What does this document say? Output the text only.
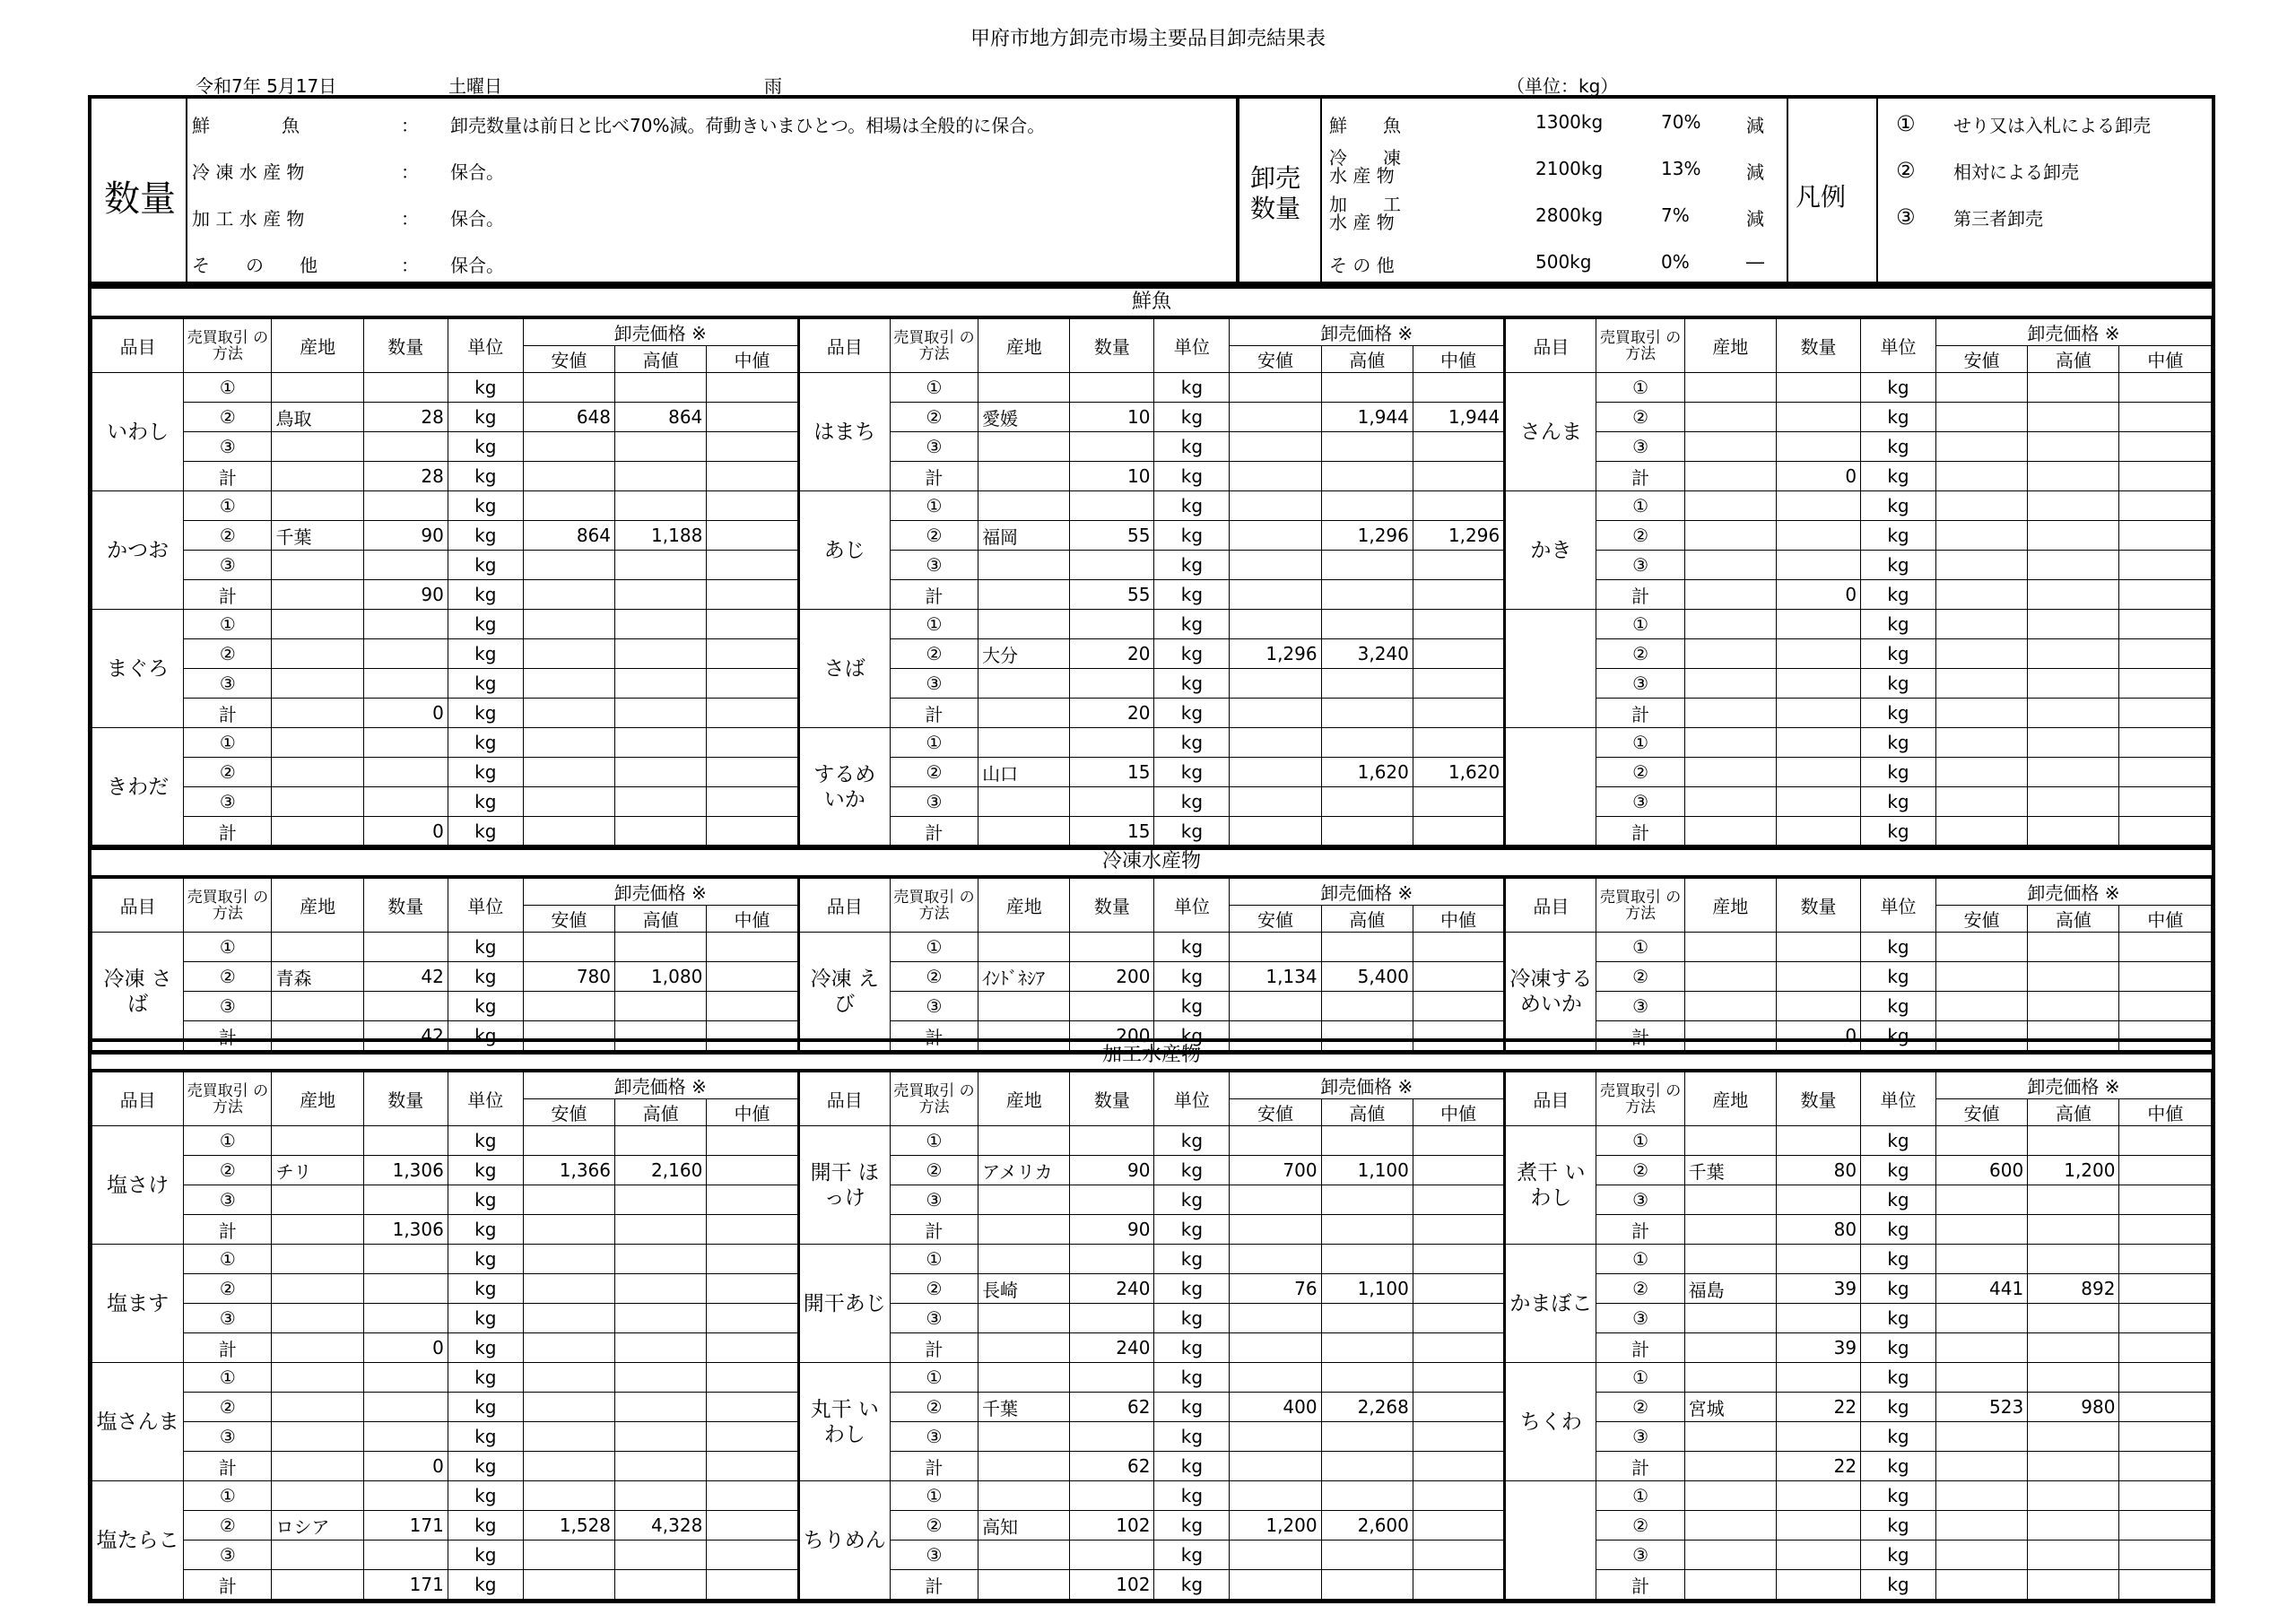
甲府市地方卸売市場主要品目卸売結果表
令和7年 5月17日	土曜日	雨	（単位：kg）
数量
鮮　　　　魚	： 卸売数量は前日と比べ70%減。荷動きいまひとつ。相場は全般的に保合。
冷 凍 水 産 物	： 保合。
加 工 水 産 物	： 保合。
そ　　の　　他	： 保合。
卸売数量
鮮　　魚	1300kg	70%	減
冷　　凍 水 産 物	2100kg	13%	減
加　　工 水 産 物	2800kg	7%	減
そ の 他	500kg	0%	―
凡例
① せり又は入札による卸売
② 相対による卸売
③ 第三者卸売
鮮魚
品目	売買取引 の方法	産地	数量	単位	卸売価格 ※			品目	売買取引 の方法	産地	数量	単位	卸売価格 ※			品目	売買取引 の方法	産地	数量	単位	卸売価格 ※		
					安値	高値	中値						安値	高値	中値						安値	高値	中値
いわし	①			kg				はまち	①			kg				さんま	①			kg			
	②	鳥取	28	kg	648	864			②	愛媛	10	kg		1,944	1,944		②			kg			
	③			kg					③			kg					③			kg			
	計		28	kg					計		10	kg					計		0	kg			
かつお	①			kg				あじ	①			kg				かき	①			kg			
	②	千葉	90	kg	864	1,188			②	福岡	55	kg		1,296	1,296		②			kg			
	③			kg					③			kg					③			kg			
	計		90	kg					計		55	kg					計		0	kg			
まぐろ	①			kg				さば	①			kg					①			kg			
	②			kg					②	大分	20	kg	1,296	3,240			②			kg			
	③			kg					③			kg					③			kg			
	計		0	kg					計		20	kg					計			kg			
きわだ	①			kg				するめ いか	①			kg					①			kg			
	②			kg					②	山口	15	kg		1,620	1,620		②			kg			
	③			kg					③			kg					③			kg			
	計		0	kg					計		15	kg					計			kg			
冷凍水産物
品目	売買取引 の方法	産地	数量	単位	卸売価格 ※			品目	売買取引 の方法	産地	数量	単位	卸売価格 ※			品目	売買取引 の方法	産地	数量	単位	卸売価格 ※		
					安値	高値	中値						安値	高値	中値						安値	高値	中値
冷凍 さば	①			kg				冷凍 えび	①			kg				冷凍する めいか	①			kg			
	②	青森	42	kg	780	1,080			②	ｲﾝﾄﾞﾈｼｱ	200	kg	1,134	5,400			②			kg			
	③			kg					③			kg					③			kg			
	計		42	kg					計		200	kg					計		0	kg			
加工水産物
品目	売買取引 の方法	産地	数量	単位	卸売価格 ※			品目	売買取引 の方法	産地	数量	単位	卸売価格 ※			品目	売買取引 の方法	産地	数量	単位	卸売価格 ※		
					安値	高値	中値						安値	高値	中値						安値	高値	中値
塩さけ	①			kg				開干 ほっけ	①			kg				煮干 いわし	①			kg			
	②	チリ	1,306	kg	1,366	2,160			②	アメリカ	90	kg	700	1,100			②	千葉	80	kg	600	1,200	
	③			kg					③			kg					③			kg			
	計		1,306	kg					計		90	kg					計		80	kg			
塩ます	①			kg				開干あじ	①			kg				かまぼこ	①			kg			
	②			kg					②	長崎	240	kg	76	1,100			②	福島	39	kg	441	892	
	③			kg					③			kg					③			kg			
	計		0	kg					計		240	kg					計		39	kg			
塩さんま	①			kg				丸干 いわし	①			kg				ちくわ	①			kg			
	②			kg					②	千葉	62	kg	400	2,268			②	宮城	22	kg	523	980	
	③			kg					③			kg					③			kg			
	計		0	kg					計		62	kg					計		22	kg			
塩たらこ	①			kg				ちりめん	①			kg					①			kg			
	②	ロシア	171	kg	1,528	4,328			②	高知	102	kg	1,200	2,600			②			kg			
	③			kg					③			kg					③			kg			
	計		171	kg					計		102	kg					計			kg			
